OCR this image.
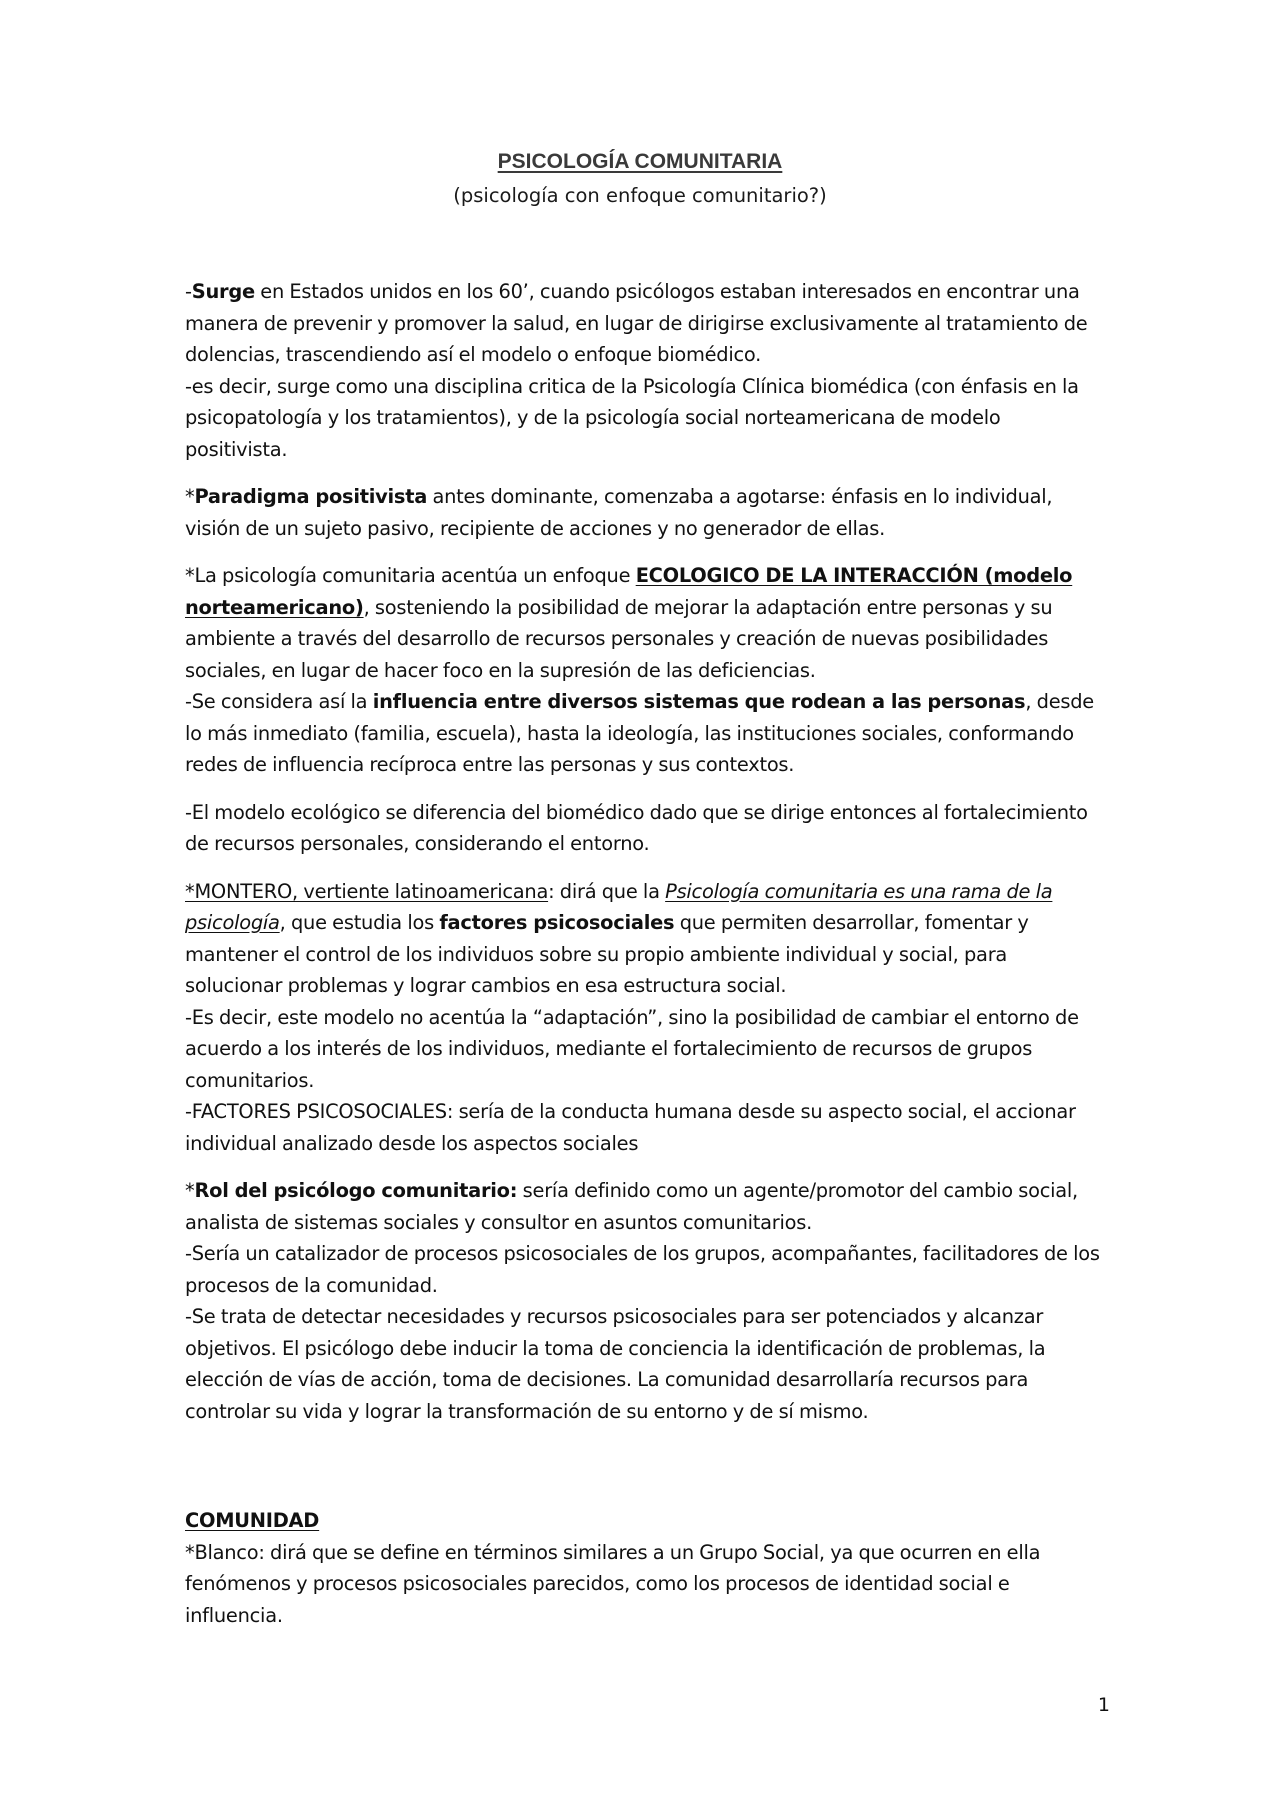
PSICOLOGÍA COMUNITARIA
(psicología con enfoque comunitario?)

-Surge en Estados unidos en los 60’, cuando psicólogos estaban interesados en encontrar una manera de prevenir y promover la salud, en lugar de dirigirse exclusivamente al tratamiento de dolencias, trascendiendo así el modelo o enfoque biomédico.

-es decir, surge como una disciplina critica de la Psicología Clínica biomédica (con énfasis en la psicopatología y los tratamientos), y de la psicología social norteamericana de modelo positivista.

*Paradigma positivista antes dominante, comenzaba a agotarse: énfasis en lo individual, visión de un sujeto pasivo, recipiente de acciones y no generador de ellas.

*La psicología comunitaria acentúa un enfoque ECOLOGICO DE LA INTERACCIÓN (modelo norteamericano), sosteniendo la posibilidad de mejorar la adaptación entre personas y su ambiente a través del desarrollo de recursos personales y creación de nuevas posibilidades sociales, en lugar de hacer foco en la supresión de las deficiencias.

-Se considera así la influencia entre diversos sistemas que rodean a las personas, desde lo más inmediato (familia, escuela), hasta la ideología, las instituciones sociales, conformando redes de influencia recíproca entre las personas y sus contextos.

-El modelo ecológico se diferencia del biomédico dado que se dirige entonces al fortalecimiento de recursos personales, considerando el entorno.

*MONTERO, vertiente latinoamericana: dirá que la Psicología comunitaria es una rama de la psicología, que estudia los factores psicosociales que permiten desarrollar, fomentar y mantener el control de los individuos sobre su propio ambiente individual y social, para solucionar problemas y lograr cambios en esa estructura social.

-Es decir, este modelo no acentúa la “adaptación”, sino la posibilidad de cambiar el entorno de acuerdo a los interés de los individuos, mediante el fortalecimiento de recursos de grupos comunitarios.

-FACTORES PSICOSOCIALES: sería de la conducta humana desde su aspecto social, el accionar individual analizado desde los aspectos sociales

*Rol del psicólogo comunitario: sería definido como un agente/promotor del cambio social, analista de sistemas sociales y consultor en asuntos comunitarios.

-Sería un catalizador de procesos psicosociales de los grupos, acompañantes, facilitadores de los procesos de la comunidad.

-Se trata de detectar necesidades y recursos psicosociales para ser potenciados y alcanzar objetivos. El psicólogo debe inducir la toma de conciencia la identificación de problemas, la elección de vías de acción, toma de decisiones. La comunidad desarrollaría recursos para controlar su vida y lograr la transformación de su entorno y de sí mismo.

COMUNIDAD

*Blanco: dirá que se define en términos similares a un Grupo Social, ya que ocurren en ella fenómenos y procesos psicosociales parecidos, como los procesos de identidad social e influencia.

1
